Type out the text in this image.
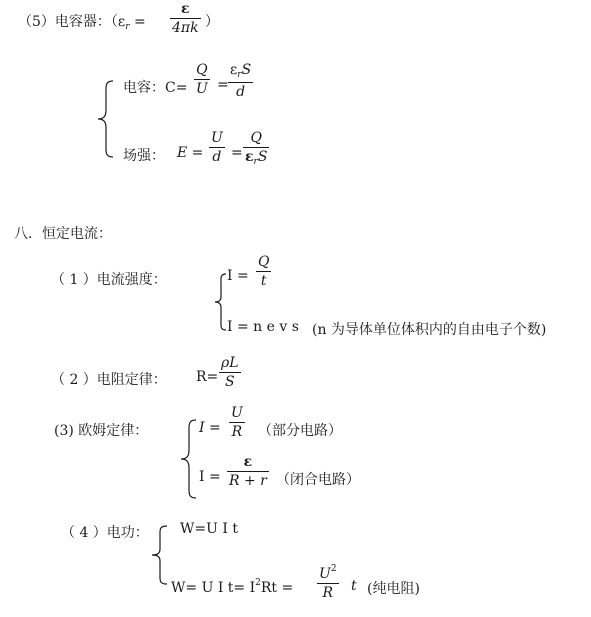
（5）电容器：（$\varepsilon_r$ =
ε
4πk ）
电容：C=
Q
U =
$\varepsilon_rS$
d
场强： E =
U
d =
Q
$\varepsilon_rS$
八．恒定电流：
（ 1 ）电流强度：	I =
Q
t
I = n e v s (n 为导体单位体积内的自由电子个数)
（ 2 ）电阻定律： R=
ρL
S
(3) 欧姆定律：	I =
U
R （部分电路）
I =
ε
R + r （闭合电路）
（ 4 ）电功： W=U I t
W= U I $t= I^2Rt$ =
$U^2$
R t (纯电阻)
